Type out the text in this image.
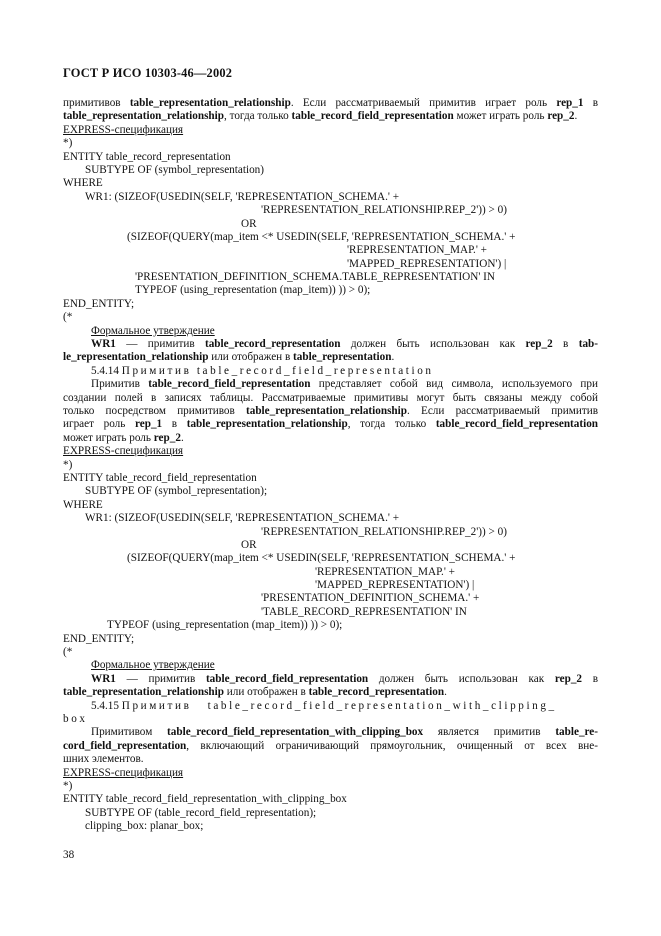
ГОСТ Р ИСО 10303-46—2002
примитивов table_representation_relationship. Если рассматриваемый примитив играет роль rep_1 в
table_representation_relationship, тогда только table_record_field_representation может играть роль rep_2.
EXPRESS-спецификация
*)
ENTITY table_record_representation
SUBTYPE OF (symbol_representation)
WHERE
WR1: (SIZEOF(USEDIN(SELF, 'REPRESENTATION_SCHEMA.' +
'REPRESENTATION_RELATIONSHIP.REP_2')) > 0)
OR
(SIZEOF(QUERY(map_item <* USEDIN(SELF, 'REPRESENTATION_SCHEMA.' +
'REPRESENTATION_MAP.' +
'MAPPED_REPRESENTATION') |
'PRESENTATION_DEFINITION_SCHEMA.TABLE_REPRESENTATION' IN
TYPEOF (using_representation (map_item)) )) > 0);
END_ENTITY;
(*
Формальное утверждение
WR1 — примитив table_record_representation должен быть использован как rep_2 в tab-
le_representation_relationship или отображен в table_representation.
5.4.14 Примитив table_record_field_representation
Примитив table_record_field_representation представляет собой вид символа, используемого при
создании полей в записях таблицы. Рассматриваемые примитивы могут быть связаны между собой
только посредством примитивов table_representation_relationship. Если рассматриваемый примитив
играет роль rep_1 в table_representation_relationship, тогда только table_record_field_representation
может играть роль rep_2.
EXPRESS-спецификация
*)
ENTITY table_record_field_representation
SUBTYPE OF (symbol_representation);
WHERE
WR1: (SIZEOF(USEDIN(SELF, 'REPRESENTATION_SCHEMA.' +
'REPRESENTATION_RELATIONSHIP.REP_2')) > 0)
OR
(SIZEOF(QUERY(map_item <* USEDIN(SELF, 'REPRESENTATION_SCHEMA.' +
'REPRESENTATION_MAP.' +
'MAPPED_REPRESENTATION') |
'PRESENTATION_DEFINITION_SCHEMA.' +
'TABLE_RECORD_REPRESENTATION' IN
TYPEOF (using_representation (map_item)) )) > 0);
END_ENTITY;
(*
Формальное утверждение
WR1 — примитив table_record_field_representation должен быть использован как rep_2 в
table_representation_relationship или отображен в table_record_representation.
5.4.15 Примитив   table_record_field_representation_with_clipping_
box
Примитивом table_record_field_representation_with_clipping_box является примитив table_re-
cord_field_representation, включающий ограничивающий прямоугольник, очищенный от всех вне-
шних элементов.
EXPRESS-спецификация
*)
ENTITY table_record_field_representation_with_clipping_box
SUBTYPE OF (table_record_field_representation);
clipping_box: planar_box;
38
